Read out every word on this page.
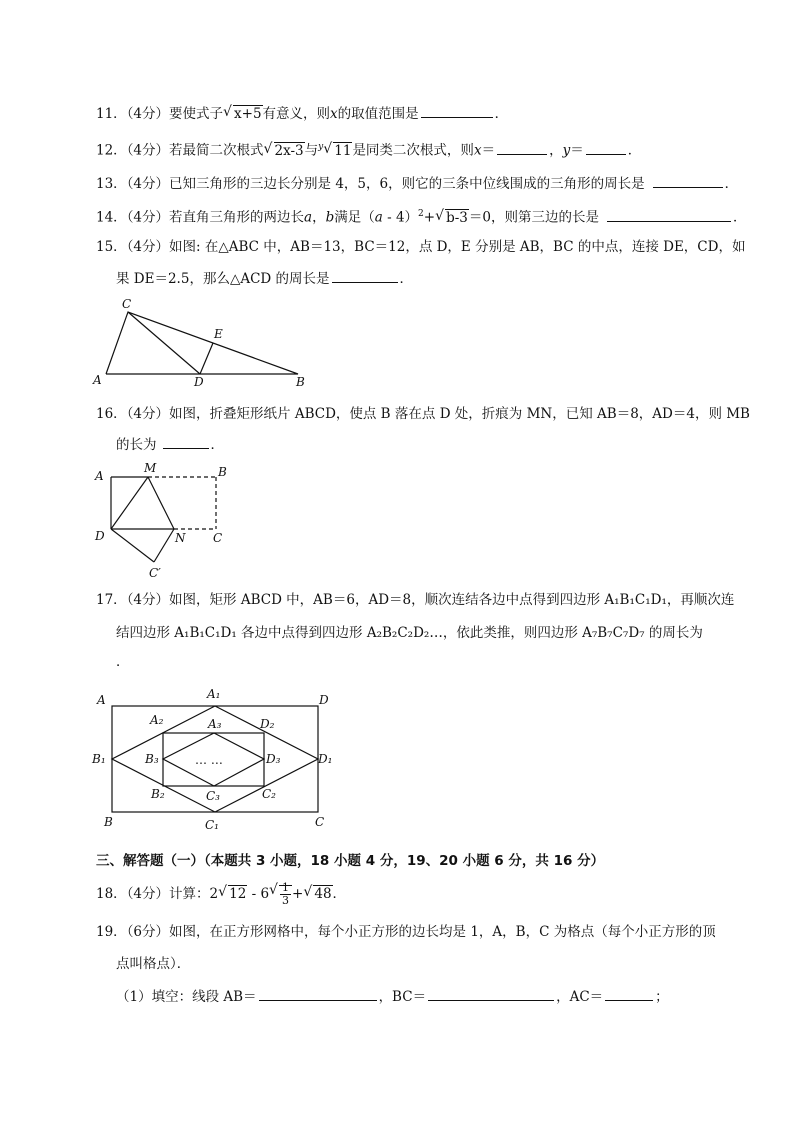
11．（4分）要使式子 √ x+5有意义，则x的取值范围是	．
12．（4分）若最简二次根式 √ 2x-3与$^y$ √ 11是同类二次根式，则x＝	，y＝	．
13．（4分）已知三角形的三边长分别是 4，5，6，则它的三条中位线围成的三角形的周长是	．
14．（4分）若直角三角形的两边长a，b满足（a - 4）$^2$+ √ b-3＝0，则第三边的长是	．
15．（4分）如图: 在△ABC 中，AB＝13，BC＝12，点 D，E 分别是 AB，BC 的中点，连接 DE，CD，如
果 DE＝2.5，那么△ACD 的周长是	．
A
C
E
D	B
16．（4分）如图，折叠矩形纸片 ABCD，使点 B 落在点 D 处，折痕为 MN，已知 AB＝8，AD＝4，则 MB
的长为	．
A
M	B
D	N C
C′
17．（4分）如图，矩形 ABCD 中，AB＝6，AD＝8，顺次连结各边中点得到四边形 A₁B₁C₁D₁，再顺次连
结四边形 A₁B₁C₁D₁ 各边中点得到四边形 A₂B₂C₂D₂…，依此类推，则四边形 A₇B₇C₇D₇ 的周长为
．
A	D
B	C
A₁
B₁
C₁
D₁
A₂
B₂	C₂
D₂
A₃
B₃
C₃
D₃
… …
三、解答题（一）（本题共 3 小题，18 小题 4 分，19、20 小题 6 分，共 16 分）
18．（4分）计算：2 √ 12 - 6 √ $\frac{1}{3}$ + √ 48．
19．（6分）如图，在正方形网格中，每个小正方形的边长均是 1，A，B，C 为格点（每个小正方形的顶
点叫格点）．
（1）填空：线段 AB＝	，BC＝	，AC＝	；
